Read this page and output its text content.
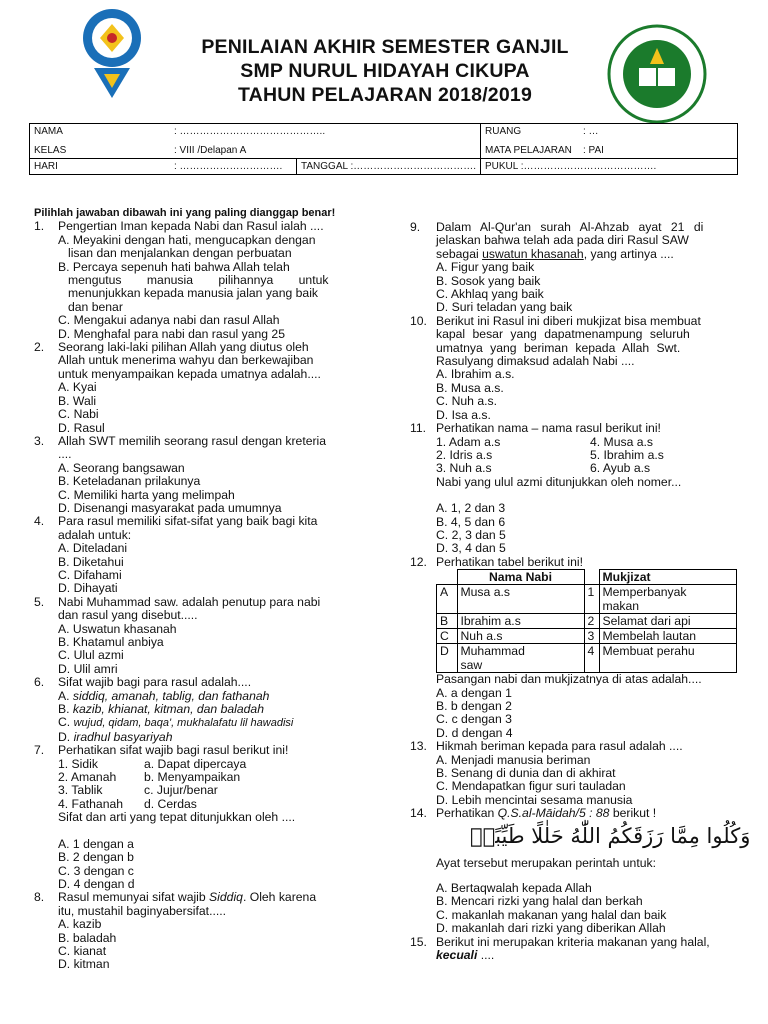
PENILAIAN AKHIR SEMESTER GANJIL
SMP NURUL HIDAYAH CIKUPA
TAHUN PELAJARAN 2018/2019
NAMA	: ……………………………………..		RUANG	: …
KELAS	: VIII /Delapan A		MATA PELAJARAN	: PAI
HARI	: ………………………….	TANGGAL :……………………………….	PUKUL :………………………………….	
Pilihlah jawaban dibawah ini yang paling dianggap benar!
1. Pengertian Iman kepada Nabi dan Rasul ialah ....
A. Meyakini dengan hati, mengucapkan dengan
lisan dan menjalankan dengan perbuatan
B. Percaya sepenuh hati bahwa Allah telah
mengutus manusia pilihannya untuk
menunjukkan kepada manusia jalan yang baik
dan benar
C. Mengakui adanya nabi dan rasul Allah
D. Menghafal para nabi dan rasul yang 25
2. Seorang laki-laki pilihan Allah yang diutus oleh
Allah untuk menerima wahyu dan berkewajiban
untuk menyampaikan kepada umatnya adalah....
A. Kyai
B. Wali
C. Nabi
D. Rasul
3. Allah SWT memilih seorang rasul dengan kreteria
....
A. Seorang bangsawan
B. Keteladanan prilakunya
C. Memiliki harta yang melimpah
D. Disenangi masyarakat pada umumnya
4. Para rasul memiliki sifat-sifat yang baik bagi kita
adalah untuk:
A. Diteladani
B. Diketahui
C. Difahami
D. Dihayati
5. Nabi Muhammad saw. adalah penutup para nabi
dan rasul yang disebut.....
A. Uswatun khasanah
B. Khatamul anbiya
C. Ulul azmi
D. Ulil amri
6. Sifat wajib bagi para rasul adalah....
A. siddiq, amanah, tablig, dan fathanah
B. kazib, khianat, kitman, dan baladah
C. wujud, qidam, baqa', mukhalafatu lil hawadisi
D. iradhul basyariyah
7. Perhatikan sifat wajib bagi rasul berikut ini!
1. Sidik	a. Dapat dipercaya
2. Amanah	b. Menyampaikan
3. Tablik	c. Jujur/benar
4. Fathanah	d. Cerdas
Sifat dan arti yang tepat ditunjukkan oleh ....
A. 1 dengan a
B. 2 dengan b
C. 3 dengan c
D. 4 dengan d
8. Rasul memunyai sifat wajib Siddiq. Oleh karena
itu, mustahil baginyabersifat.....
A. kazib
B. baladah
C. kianat
D. kitman
9. Dalam Al-Qur'an surah Al-Ahzab ayat 21 di
jelaskan bahwa telah ada pada diri Rasul SAW
sebagai uswatun khasanah, yang artinya ....
A. Figur yang baik
B. Sosok yang baik
C. Akhlaq yang baik
D. Suri teladan yang baik
10. Berikut ini Rasul ini diberi mukjizat bisa membuat
kapal besar yang dapatmenampung seluruh
umatnya yang beriman kepada Allah Swt.
Rasulyang dimaksud adalah Nabi ....
A. Ibrahim a.s.
B. Musa a.s.
C. Nuh a.s.
D. Isa a.s.
11. Perhatikan nama – nama rasul berikut ini!
1. Adam a.s	4. Musa a.s
2. Idris a.s	5. Ibrahim a.s
3. Nuh a.s	6. Ayub a.s
Nabi yang ulul azmi ditunjukkan oleh nomer...
A. 1, 2 dan 3
B. 4, 5 dan 6
C. 2, 3 dan 5
D. 3, 4 dan 5
12. Perhatikan tabel berikut ini!
	Nama Nabi		Mukjizat
A	Musa a.s	1	Memperbanyak
makan

B	Ibrahim a.s	2	Selamat dari api
C	Nuh a.s	3	Membelah lautan
D	Muhammad
saw	4	Membuat perahu
Pasangan nabi dan mukjizatnya di atas adalah....
A. a dengan 1
B. b dengan 2
C. c dengan 3
D. d dengan 4
13. Hikmah beriman kepada para rasul adalah ....
A. Menjadi manusia beriman
B. Senang di dunia dan di akhirat
C. Mendapatkan figur suri tauladan
D. Lebih mencintai sesama manusia
14. Perhatikan Q.S.al-Māidah/5 : 88 berikut !
وَكُلُوا مِمَّا رَزَقَكُمُ اللّٰهُ حَلٰلًا طَيِّبًاۖ
Ayat tersebut merupakan perintah untuk:
A. Bertaqwalah kepada Allah
B. Mencari rizki yang halal dan berkah
C. makanlah makanan yang halal dan baik
D. makanlah dari rizki yang diberikan Allah
15. Berikut ini merupakan kriteria makanan yang halal,
kecuali ....
